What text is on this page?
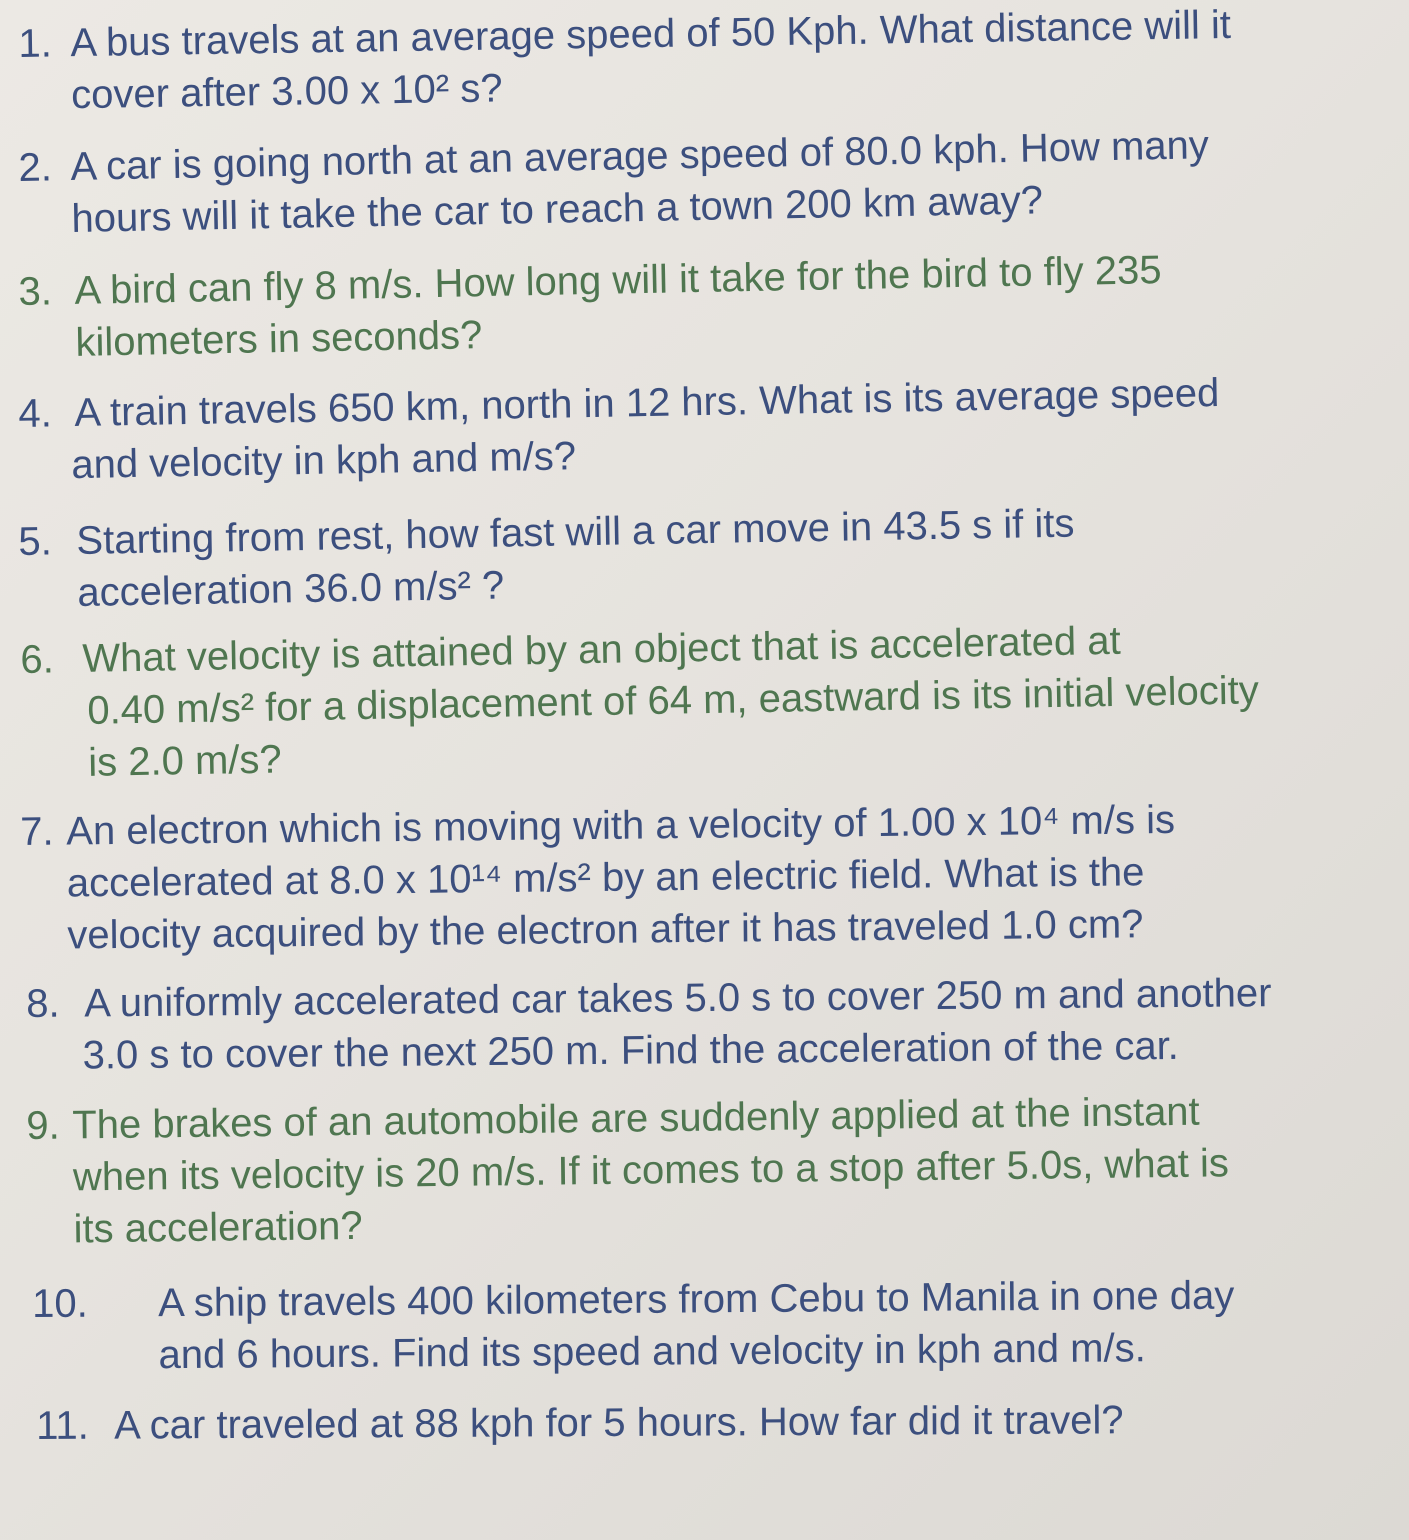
1. A bus travels at an average speed of 50 Kph. What distance will it
cover after 3.00 x 10² s?
2. A car is going north at an average speed of 80.0 kph. How many
hours will it take the car to reach a town 200 km away?
3. A bird can fly 8 m/s. How long will it take for the bird to fly 235
kilometers in seconds?
4. A train travels 650 km, north in 12 hrs. What is its average speed
and velocity in kph and m/s?
5. Starting from rest, how fast will a car move in 43.5 s if its
acceleration 36.0 m/s² ?
6. What velocity is attained by an object that is accelerated at
0.40 m/s² for a displacement of 64 m, eastward is its initial velocity
is 2.0 m/s?
7. An electron which is moving with a velocity of 1.00 x 10⁴ m/s is
accelerated at 8.0 x 10¹⁴ m/s² by an electric field. What is the
velocity acquired by the electron after it has traveled 1.0 cm?
8. A uniformly accelerated car takes 5.0 s to cover 250 m and another
3.0 s to cover the next 250 m. Find the acceleration of the car.
9. The brakes of an automobile are suddenly applied at the instant
when its velocity is 20 m/s. If it comes to a stop after 5.0s, what is
its acceleration?
10. A ship travels 400 kilometers from Cebu to Manila in one day
and 6 hours. Find its speed and velocity in kph and m/s.
11. A car traveled at 88 kph for 5 hours. How far did it travel?
